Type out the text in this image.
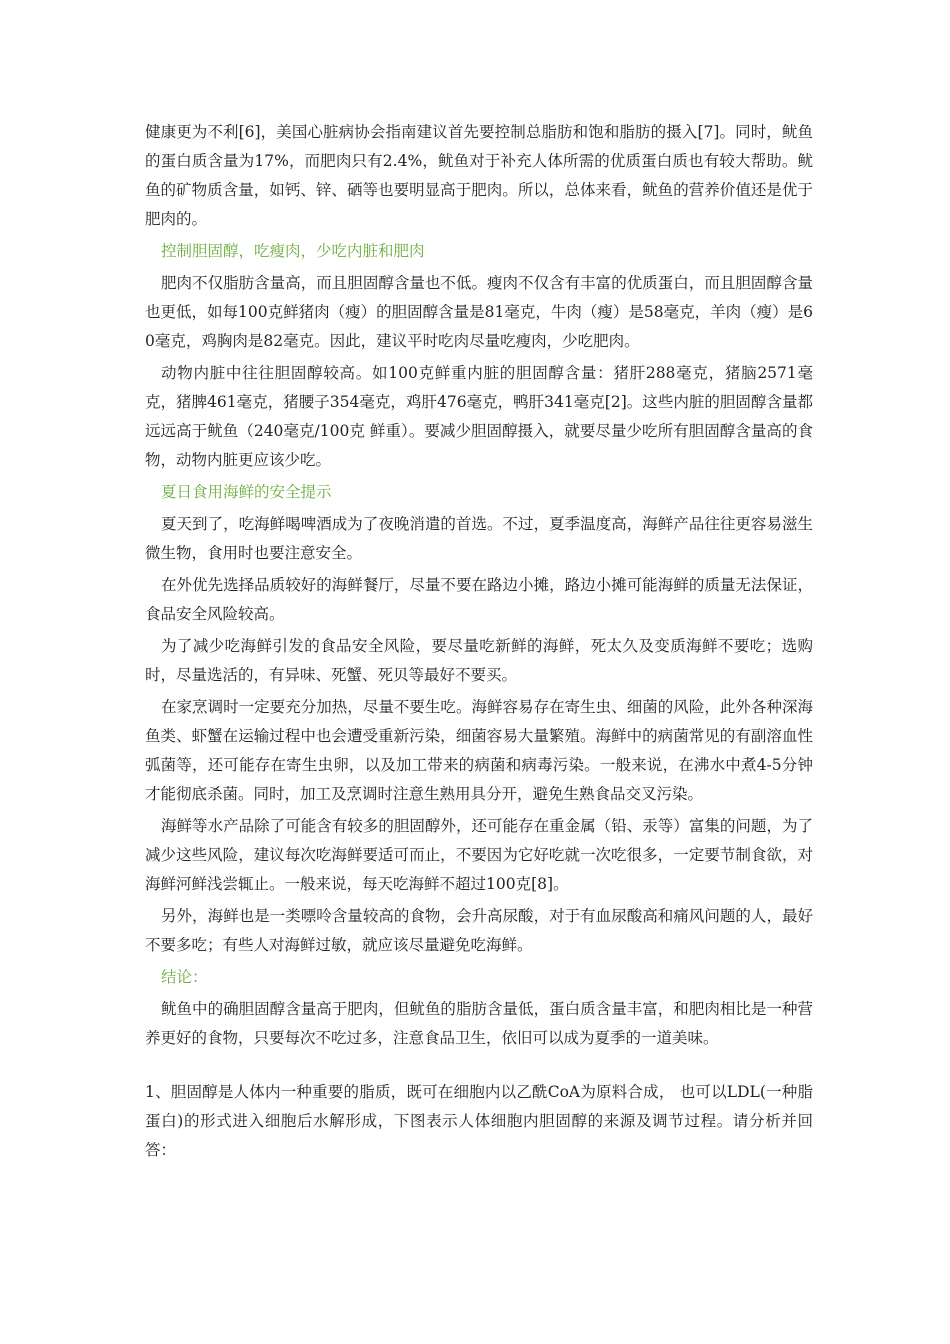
健康更为不利[6]，美国心脏病协会指南建议首先要控制总脂肪和饱和脂肪的摄入[7]。同时，鱿鱼的蛋白质含量为17%，而肥肉只有2.4%，鱿鱼对于补充人体所需的优质蛋白质也有较大帮助。鱿鱼的矿物质含量，如钙、锌、硒等也要明显高于肥肉。所以，总体来看，鱿鱼的营养价值还是优于肥肉的。

控制胆固醇，吃瘦肉，少吃内脏和肥肉

肥肉不仅脂肪含量高，而且胆固醇含量也不低。瘦肉不仅含有丰富的优质蛋白，而且胆固醇含量也更低，如每100克鲜猪肉（瘦）的胆固醇含量是81毫克，牛肉（瘦）是58毫克，羊肉（瘦）是60毫克，鸡胸肉是82毫克。因此，建议平时吃肉尽量吃瘦肉，少吃肥肉。

动物内脏中往往胆固醇较高。如100克鲜重内脏的胆固醇含量：猪肝288毫克，猪脑2571毫克，猪脾461毫克，猪腰子354毫克，鸡肝476毫克，鸭肝341毫克[2]。这些内脏的胆固醇含量都远远高于鱿鱼（240毫克/100克 鲜重）。要减少胆固醇摄入，就要尽量少吃所有胆固醇含量高的食物，动物内脏更应该少吃。

夏日食用海鲜的安全提示

夏天到了，吃海鲜喝啤酒成为了夜晚消遣的首选。不过，夏季温度高，海鲜产品往往更容易滋生微生物，食用时也要注意安全。

在外优先选择品质较好的海鲜餐厅，尽量不要在路边小摊，路边小摊可能海鲜的质量无法保证，食品安全风险较高。

为了减少吃海鲜引发的食品安全风险，要尽量吃新鲜的海鲜，死太久及变质海鲜不要吃；选购时，尽量选活的，有异味、死蟹、死贝等最好不要买。

在家烹调时一定要充分加热，尽量不要生吃。海鲜容易存在寄生虫、细菌的风险，此外各种深海鱼类、虾蟹在运输过程中也会遭受重新污染，细菌容易大量繁殖。海鲜中的病菌常见的有副溶血性弧菌等，还可能存在寄生虫卵，以及加工带来的病菌和病毒污染。一般来说，在沸水中煮4-5分钟才能彻底杀菌。同时，加工及烹调时注意生熟用具分开，避免生熟食品交叉污染。

海鲜等水产品除了可能含有较多的胆固醇外，还可能存在重金属（铅、汞等）富集的问题，为了减少这些风险，建议每次吃海鲜要适可而止，不要因为它好吃就一次吃很多，一定要节制食欲，对海鲜河鲜浅尝辄止。一般来说，每天吃海鲜不超过100克[8]。

另外，海鲜也是一类嘌呤含量较高的食物，会升高尿酸，对于有血尿酸高和痛风问题的人，最好不要多吃；有些人对海鲜过敏，就应该尽量避免吃海鲜。

结论：

鱿鱼中的确胆固醇含量高于肥肉，但鱿鱼的脂肪含量低，蛋白质含量丰富，和肥肉相比是一种营养更好的食物，只要每次不吃过多，注意食品卫生，依旧可以成为夏季的一道美味。

1、胆固醇是人体内一种重要的脂质，既可在细胞内以乙酰CoA为原料合成， 也可以LDL(一种脂蛋白)的形式进入细胞后水解形成，下图表示人体细胞内胆固醇的来源及调节过程。请分析并回答：
